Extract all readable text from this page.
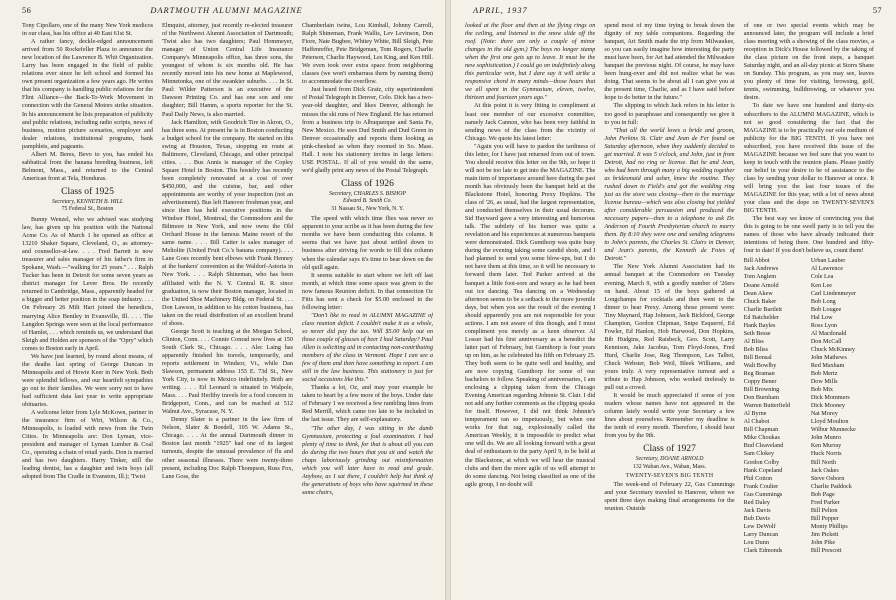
56	DARTMOUTH ALUMNI MAGAZINE

Tony Cipollaro, one of the many New York medicos in our class, has his office at 40 East 61st St.

A rather fancy, deckle-edged announcement arrived from 50 Rockefeller Plaza to announce the new location of the Lawrence B. Whit Organization. Larry has been engaged in the field of public relations ever since he left school and formed his own present organization a few years ago. He writes that his company is handling public relations for the Flint Alliance—the Back-To-Work Movement in connection with the General Motors strike situation. In his announcement he lists preparation of publicity and public relations, including radio scripts, news of business, motion picture scenarios, employer and dealer relations, institutional programs, bank pamphlets, and pageants.

Albert M. Beres, Bevo to you, has ended his sabbatical from the banana breeding business, left Belmont, Mass., and returned to the Central American front at Tela, Honduras.

Class of 1925
Secretary, KENNETH B. HILL
75 Federal St., Boston

Bunny Wenzel, who we advised was studying law, has given up his position with the National Acme Co. As of March 1 he opened an office at 13210 Shaker Square, Cleveland, O., as attorney-and counsellor-at-law. . . . Fred Barrett is now treasurer and sales manager of his father's firm in Spokane, Wash.—"walking for 25 years." . . . Ralph Tucker has been in Detroit for some seven years as district manager for Lever Bros. He recently returned to Cambridge, Mass., apparently headed for a bigger and better position in the soap industry. . . . On February 26 Milt Hart joined the benedicts, marrying Alice Bentley in Evansville, Ill. . . . The Langdon Springs were seen at the local performance of Hamlet, . . . which reminds us, we understand that Sleigh and Holden are sponsors of the "Opry" which comes to Boston early in April.

We have just learned, by round about means, of the deaths last spring of George Duncan in Minneapolis and of Howie Keer in New York. Both were splendid fellows, and our heartfelt sympathies go out to their families. We were sorry not to have had sufficient data last year to write appropriate obituaries.

A welcome letter from Lyle McKown, partner in the insurance firm of Wirt, Wilson & Co., Minneapolis, is loaded with news from the Twin Cities. In Minneapolis are: Don Lyman, vice-president and manager of Lyman Lumber & Coal Co., operating a chain of retail yards. Don is married and has two daughters. Harry Tinker, still the leading dentist, has a daughter and twin boys (all adopted from The Cradle in Evanston, Ill.); 'Twist

Elmquist, attorney, just recently re-elected treasurer of the Northwest Alumni Association of Dartmouth; 'Twist also has two daughters; Paul Hommeyer, manager of Union Central Life Insurance Company's Minneapolis office, has three sons, the youngest of whom is six months old. He has recently moved into his new home at Maplewood, Minnetonka, one of the swankier suburbs. . . . In St. Paul: Wilder Patterson is an executive of the Dawson Printing Co. and has one son and one daughter; Bill Hamm, a sports reporter for the St. Paul Daily News, is also married.

Jack Hamilton, with Goodrich Tire in Akron, O., has three sons. At present he is in Boston conducting a budget school for the company. He started on this swing at Houston, Texas, stopping en route at Baltimore, Cleveland, Chicago, and other principal cities. . . . Bus Annis is manager of the Copley Square Hotel in Boston. This hostelry has recently been completely renovated at a cost of over $450,000, and the cuisine, bar, and other appointments are worthy of your inspection (not an advertisement). Bus left Hanover freshman year, and since then has held executive positions in the Windsor Hotel, Montreal, the Commodore and the Biltmore in New York, and now owns the Old Orchard House in the famous Maine resort of the same name. . . . Bill Catter is sales manager of Meltolite (United Fruit Co.'s banana company). . . . Lane Goes recently bent elbows with Frank Henney at the bankers' convention at the Waldorf-Astoria in New York. . . . Ralph Shineman, who has been affiliated with the N. Y. Central R. R. since graduation, is now their Boston manager, located in the United Shoe Machinery Bldg. on Federal St. . . . Don Lawson, in addition to his cotton business, has taken on the retail distribution of an excellent brand of shoes.

George Scott is teaching at the Morgan School, Clinton, Conn. . . . Connie Conrad now lives at 150 South Clark St., Chicago. . . . Alec Laing has apparently finished his travels, temporarily, and reports settlement in Windsor, Vt., while Dan Slawson, permanent address 155 E. 73d St., New York City, is now in Mexico indefinitely. Both are writing. . . . Ed Leonard is situated in Walpole, Mass. . . . Paul Herlihy travels for a food concern in Bridgeport, Conn., and can be reached at 512 Walnut Ave., Syracuse, N. Y.

Denny Slater is a partner in the law firm of Nelson, Slater & Boedell, 105 W. Adams St., Chicago. . . . At the annual Dartmouth dinner in Boston last month "1925" had one of its largest turnouts, despite the unusual prevalence of flu and other seasonal illnesses. There were twenty-three present, including Doc Ralph Thompson, Russ Fox, Lane Goss, the

Chamberlain twins, Lou Kimball, Johnny Carroll, Ralph Shineman, Frank Wallis, Lev Levinson, Don Fiore, Nate Bugbee, Whitey White, Bill Sleigh, Pete Haffenreffer, Pete Bridgeman, Tom Rogers, Charlie Peterson, Charlie Haywood, Les King, and Ken Hill. We even took over extra space from neighboring classes (we won't embarrass them by naming them) to accommodate the overflow.

Just heard from Dick Gratz, city superintendent of Postal Telegraph in Denver, Colo. Dick has a two-year-old daughter, and likes Denver, although he misses the ski runs of New England. He has returned from a business trip to Albuquerque and Santa Fe, New Mexico. He sees Dud Smith and Dud Green in Denver occasionally and reports them looking as pink-cheeked as when they roomed in So. Mass. Hall. I note his stationery invites in large letters: USE POSTAL. If all of you would do the same, we'd gladly print any news of the Postal Telegraph.

Class of 1926
Secretary, CHARLES S. BISHOP
Edward B. Smith Co.
31 Nassau St., New York, N. Y.

The speed with which time flies was never so apparent to your scribe as it has been during the few months we have been conducting this column. It seems that we have just about settled down to business after striving for words to fill this column when the calendar says it's time to bear down on the old quill again.

It seems suitable to start where we left off last month, at which time some space was given to the now famous Reunion deficit. In that connection Oz Fitts has sent a check for $5.00 enclosed in the following letter:

"Don't like to read in ALUMNI MAGAZINE of class reunion deficit. I couldn't make it as a whole, so never did pay the tax. Will $5.00 help out on those couple of glasses of beer I had Saturday? Paul Allen is soliciting aid in contacting non-contributing members of the class in Vermont. Hope I can see a few of them and then have something to report. I am still in the law business. This stationery is just for social occasions like this."

Thanks a lot, Oz, and may your example be taken to heart by a few more of the boys. Under date of February 1 we received a few rambling lines from Red Merrill, which came too late to be included in the last issue. They are self-explanatory.

"The other day, I was sitting in the dumb Gymnasium, protecting a foul examination. I had plenty of time to think, for that is about all you can do during the two hours that you sit and watch the chaps laboriously grinding out misinformation which you will later have to read and grade. Anyhow, as I sat there, I couldn't help but think of the generations of boys who have squirmed in these same chairs,

APRIL, 1937	57

looked at the floor and then at the flying rings on the ceiling, and listened to the snow slide off the roof. (Note: there are only a couple of minor changes in the old gym.) The boys no longer stamp when the first one gets up to leave. It must be the new sophistication.) I could go on indefinitely along this particular vein, but I dare say it will strike a responsive chord in many minds—those hours that we all spent in the Gymnasium, eleven, twelve, thirteen and fourteen years ago."

At this point it is very fitting to compliment at least one member of our excessive committee, namely Jack Cannon, who has been very faithful in sending news of the class from the vicinity of Chicago. We quote his latest letter:

"Again you will have to pardon the tardiness of this letter, for I have just returned from out of town. You should receive this letter on the 9th, so hope it will not be too late to get into the MAGAZINE. The main item of importance around here during the past month has obviously been the banquet held at the Blackstone Hotel, honoring Prexy Hopkins. The class of '26, as usual, had the largest representation, and conducted themselves in their usual decorum. Sid Hayward gave a very interesting and humorous talk. The subtlety of his humor was quite a revelation and his experiences at numerous banquets were demonstrated. Dick Gumthorp was quite busy during the evening taking some candid shots, and I had planned to send you some blow-ups, but I do not have them at this time, so it will be necessary to forward them later. Ted Parker arrived at the banquet a little foot-sore and weary as he had been out ice dancing. Tea dancing on a Wednesday afternoon seems to be a setback to the more juvenile days, but when you see the result of the evening I should apparently you are not responsible for your actions. I am not aware of this though, and I must compliment you merely as a keen observer. Al Losser had his first anniversary as a benedict the latter part of February, but Gumthorp is four years up on him, as he celebrated his fifth on February 25. They both seem to be quite well and healthy, and are now copying Gumthorp for some of our bachelors to follow. Speaking of anniversaries, I am enclosing a clipping taken from the Chicago Evening American regarding Johnnie St. Clair. I did not add any further comments as the clipping speaks for itself. However, I did not think Johnnie's temperament ran so impetuously, but when one works for that rag, explosionally called the American Weekly, it is impossible to predict what one will do. We are all looking forward with a great deal of enthusiasm to the party April 9, to be held at the Blackstone, at which we will hear the musical clubs and then the more agile of us will attempt to do some dancing. Not being classified as one of the agile group, I no doubt will

spend most of my time trying to break down the dignity of my table companions. Regarding the banquet, Art Smith made the trip from Milwaukee, so you can easily imagine how interesting the party must have been, for Art had attended the Milwaukee banquet the previous night. Of course, he may have been hung-over and did not realize what he was doing. That seems to be about all I can give you at the present time, Charlie, and as I have said before hope to do better in the future."

The slipping to which Jack refers in his letter is too good to paraphrase and consequently we give it to you in full:

"That all the world loves a bride and groom, John Perkins St. Clair and Jean de Fer found on Saturday afternoon, when they suddenly decided to get married. It was 5 o'clock, and John, just in from Detroit, had no ring or license. But he and Jean, who had been through many a big wedding together as bridesmaid and usher, knew the routine. They rushed down to Field's and got the wedding ring just as the store was closing—then to the marriage license bureau—which was also closing but yielded after considerable persuasion and produced the necessary papers—then to a telephone to ask Dr. Anderson of Fourth Presbyterian church to marry them. By 8:10 they were one and sending telegrams to John's parents, the Charles St. Clairs in Denver, and Jean's parents, the Kenneth de Foies of Detroit."

The New York Alumni Association had its annual banquet at the Commodore on Tuesday evening, March 9, with a goodly number of '26ers on hand. About 15 of the boys gathered at Longchamps for cocktails and then went to the dinner to hear Prexy. Among those present were: Tiny Maynard, Hap Johnson, Jack Bickford, George Champion, Gordon Chipman, Snipe Esquerré, Ed Fowler, Ed Hanlon, Hob Harwood, Don Hopkins, Bib Hudgins, Red Raisbeck, Geo. Scott, Larry Kennison, Jake Jacobus, Tom Floyd-Jones, Fred Hurd, Charlie Jose, Reg Thompson, Les Talbot, Chuck Webster, Bob Weil, Bleek Williams, and yours truly. A very representative turnout and a tribute to Hap Johnson, who worked tirelessly to pull out a crowd.

It would be much appreciated if some of you readers whose names have not appeared in the column lately would write your Secretary a few lines about yourselves. Remember my deadline is the tenth of every month. Therefore, I should hear from you by the 9th.

Class of 1927
Secretary, DOANE ARNOLD
132 Waban Ave., Waban, Mass.
TWENTY-SEVEN'S BIG TENTH

The week-end of February 22, Gus Cummings and your Secretary traveled to Hanover, where we spent three days making final arrangements for the reunion. Outside

of one or two special events which may be announced later, the program will include a brief class meeting with a showing of the class movies, a reception in Dick's House followed by the taking of the class picture on the front steps, a banquet Saturday night, and an all-day picnic at Storrs Shane on Sunday. This program, as you may see, leaves you plenty of time for visiting, browsing, golf, tennis, swimming, bullthrowing, or whatever you desire.

To date we have one hundred and thirty-six subscribers to the ALUMNI MAGAZINE, which is not so good considering the fact that the MAGAZINE is to be practically our sole medium of publicity for the BIG TENTH. If you have not subscribed, you have received this issue of the MAGAZINE because we feel sure that you want to keep in touch with the reunion plans. Please justify our belief in your desire to be of assistance to the class by sending your dollar to Hanover at once. It will bring you the last four issues of the MAGAZINE for this year, with a lot of news about your class and the dope on TWENTY-SEVEN'S BIG TENTH.

The best way we know of convincing you that this is going to be one swell party is to tell you the names of those who have already indicated their intentions of being there. One hundred and fifty-four to date! If you don't believe us, count them!

Bill Abbot
Jack Andrews
Tom Anglem
Doane Arnold
Dean Akew
Chuck Baker
Charlie Bartlett
Ed Batchelder
Hank Bayles
Seth Besse
Al Bliss
Bob Bliss
Bill Bonsal
Walt Bowlby
Reg Braman
Coppy Bener
Bill Browning
Don Burnham
Warren Butterfield
Al Byrne
Al Chabot
Bill Chapman
Mike Choukas
Bud Cleaveland
Sam Clokey
Gordon Colby
Hank Copeland
Phil Cotton
Frank Coulter
Gus Cummings
Red Daley
Jack Davis
Bub Davis
Lew DeWolf
Larry Duncan
Lou Dunn
Clark Edmonds
Urban Lauber
Al Lawrence
Cole Lea
Ken Lee
Carl Lindenmeyer
Bob Long
Bob Lougee
Hal Low
Ross Lyon
Al Macdonald
Don McCall
Chuck McKinney
John Mathews
Red Maxham
Bob Mertz
Dow Mills
Bob Mix
Dick Mommers
Dick Mooney
Nat Morey
Lloyd Moulton
Wilbur Munnecke
John Munro
Ken Murray
Huck Norris
Bill North
Jack Oakes
Steve Osborn
Charlie Paddock
Bob Page
Fred Parker
Bill Pelton
Bill Pepper
Monty Phillips
Jim Pickett
John Pike
Bill Prescott
